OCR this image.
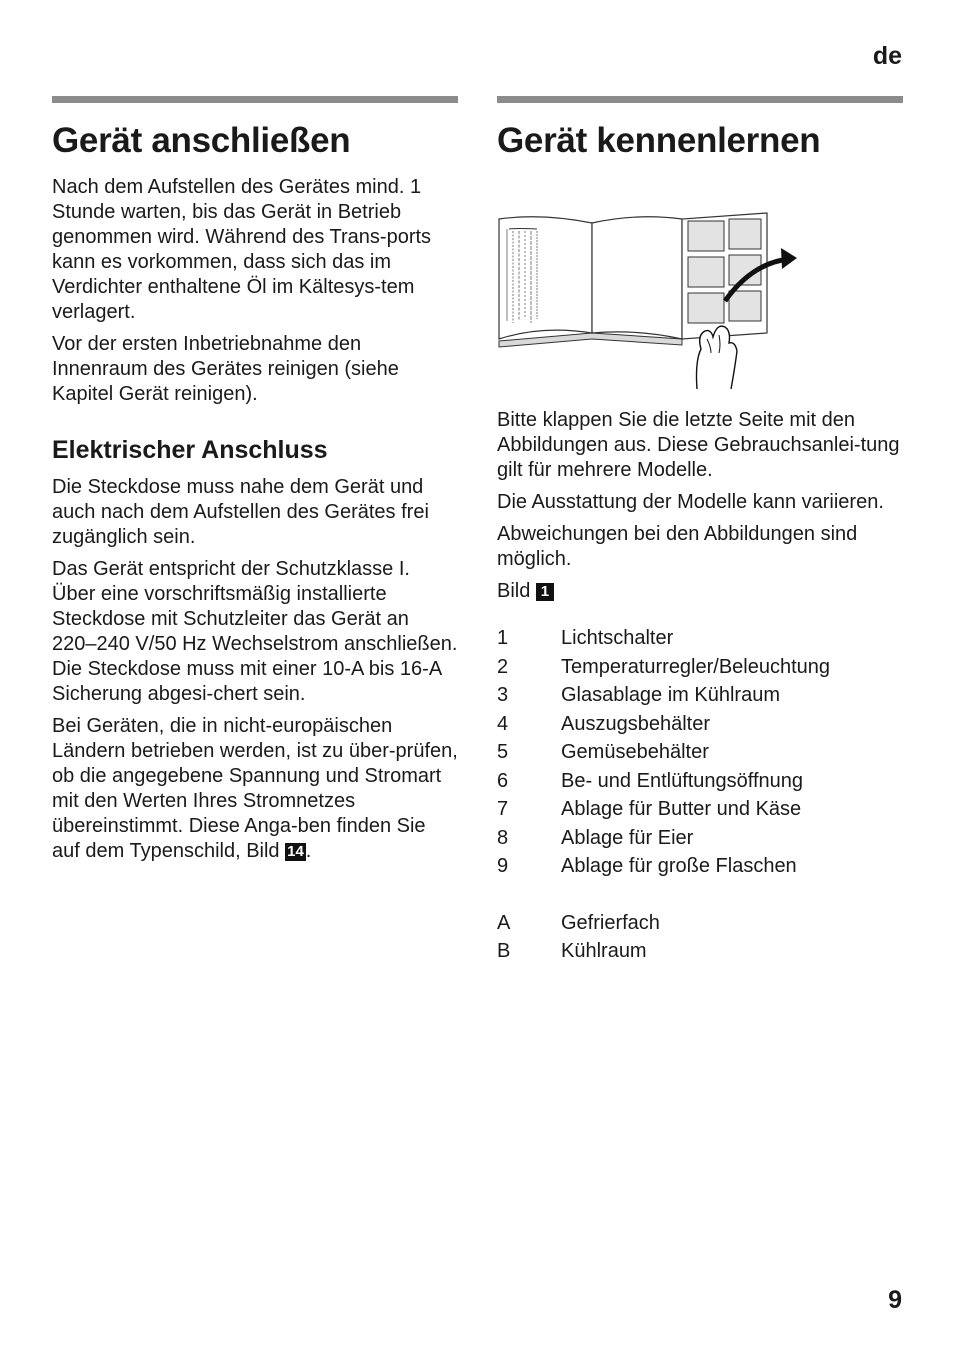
de
Gerät anschließen

Nach dem Aufstellen des Gerätes mind. 1 Stunde warten, bis das Gerät in Betrieb genommen wird. Während des Trans-ports kann es vorkommen, dass sich das im Verdichter enthaltene Öl im Kältesys-tem verlagert.

Vor der ersten Inbetriebnahme den Innenraum des Gerätes reinigen (siehe Kapitel Gerät reinigen).

Elektrischer Anschluss

Die Steckdose muss nahe dem Gerät und auch nach dem Aufstellen des Gerätes frei zugänglich sein.

Das Gerät entspricht der Schutzklasse I. Über eine vorschriftsmäßig installierte Steckdose mit Schutzleiter das Gerät an 220–240 V/50 Hz Wechselstrom anschließen. Die Steckdose muss mit einer 10-A bis 16-A Sicherung abgesi-chert sein.

Bei Geräten, die in nicht-europäischen Ländern betrieben werden, ist zu über-prüfen, ob die angegebene Spannung und Stromart mit den Werten Ihres Stromnetzes übereinstimmt. Diese Anga-ben finden Sie auf dem Typenschild, Bild 14 .

Gerät kennenlernen

Bitte klappen Sie die letzte Seite mit den Abbildungen aus. Diese Gebrauchsanlei-tung gilt für mehrere Modelle.

Die Ausstattung der Modelle kann variieren.

Abweichungen bei den Abbildungen sind möglich.

Bild 1

1	Lichtschalter
2	Temperaturregler/Beleuchtung
3	Glasablage im Kühlraum
4	Auszugsbehälter
5	Gemüsebehälter
6	Be- und Entlüftungsöffnung
7	Ablage für Butter und Käse
8	Ablage für Eier
9	Ablage für große Flaschen
A	Gefrierfach
B	Kühlraum
9
